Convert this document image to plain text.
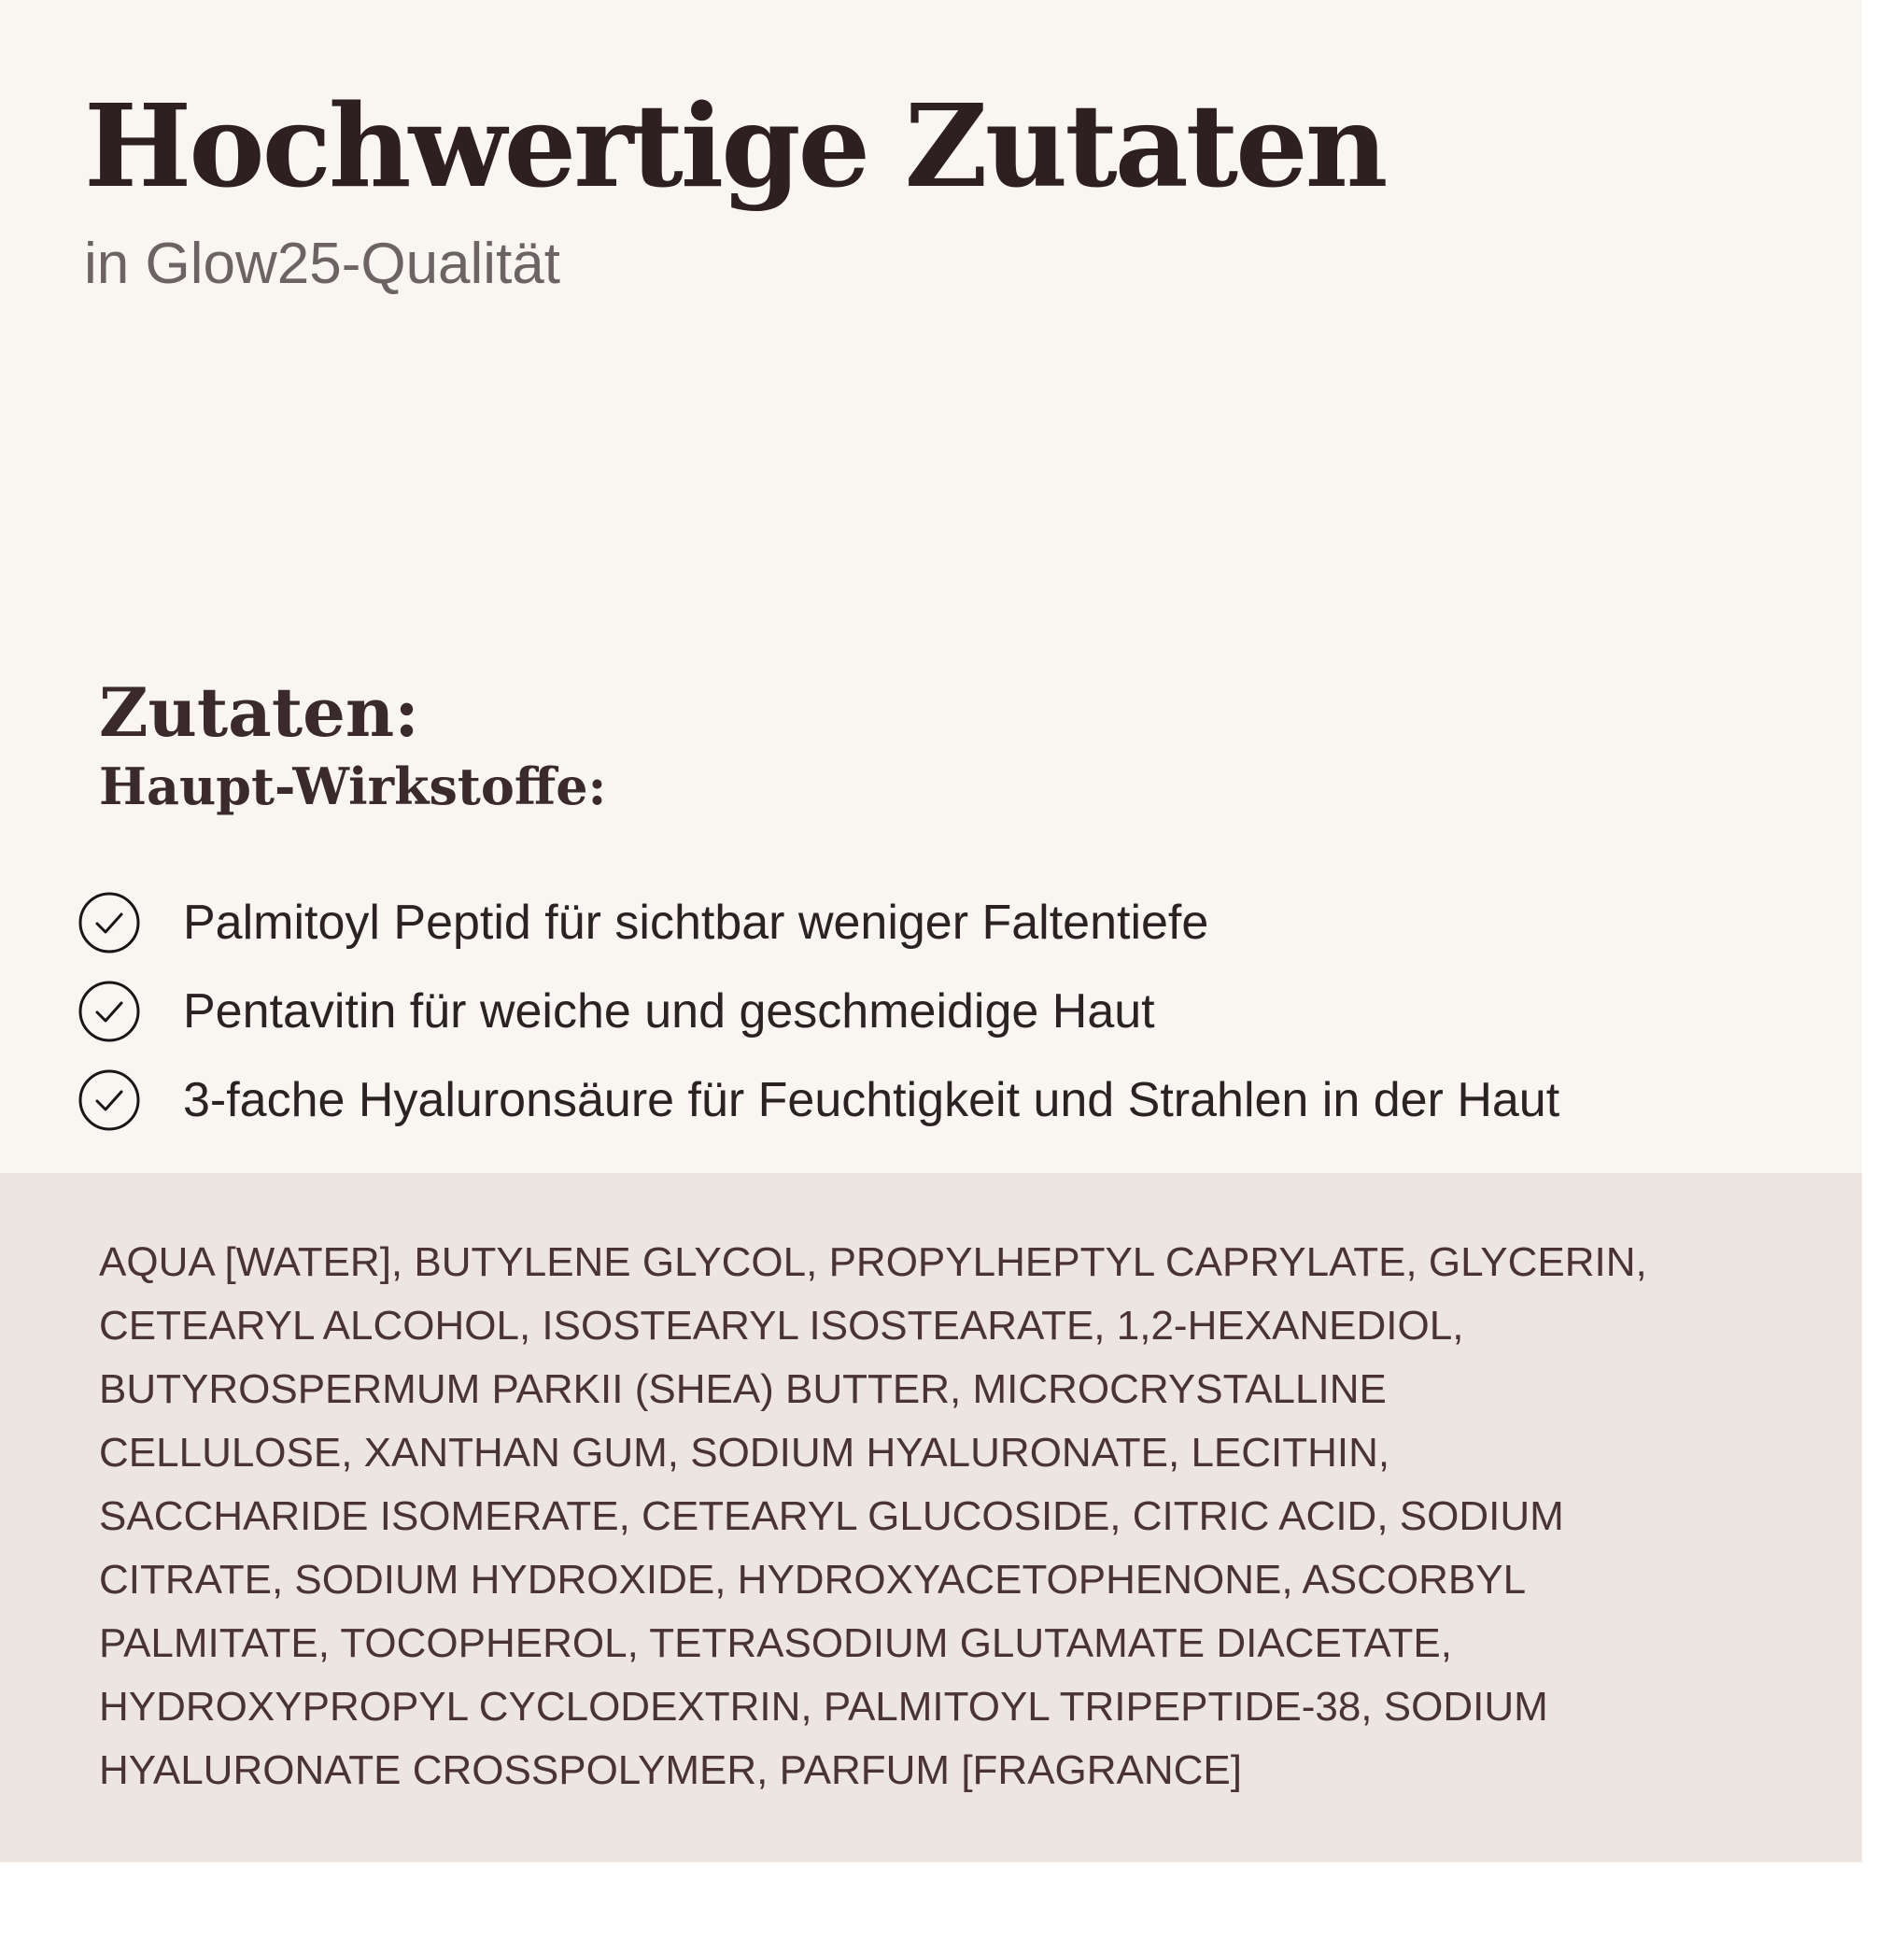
Hochwertige Zutaten

in Glow25-Qualität

Zutaten:
Haupt-Wirkstoffe:
Palmitoyl Peptid für sichtbar weniger Faltentiefe
Pentavitin für weiche und geschmeidige Haut
3-fache Hyaluronsäure für Feuchtigkeit und Strahlen in der Haut

AQUA [WATER], BUTYLENE GLYCOL, PROPYLHEPTYL CAPRYLATE, GLYCERIN,
CETEARYL ALCOHOL, ISOSTEARYL ISOSTEARATE, 1,2-HEXANEDIOL,
BUTYROSPERMUM PARKII (SHEA) BUTTER, MICROCRYSTALLINE
CELLULOSE, XANTHAN GUM, SODIUM HYALURONATE, LECITHIN,
SACCHARIDE ISOMERATE, CETEARYL GLUCOSIDE, CITRIC ACID, SODIUM
CITRATE, SODIUM HYDROXIDE, HYDROXYACETOPHENONE, ASCORBYL
PALMITATE, TOCOPHEROL, TETRASODIUM GLUTAMATE DIACETATE,
HYDROXYPROPYL CYCLODEXTRIN, PALMITOYL TRIPEPTIDE-38, SODIUM
HYALURONATE CROSSPOLYMER, PARFUM [FRAGRANCE]
